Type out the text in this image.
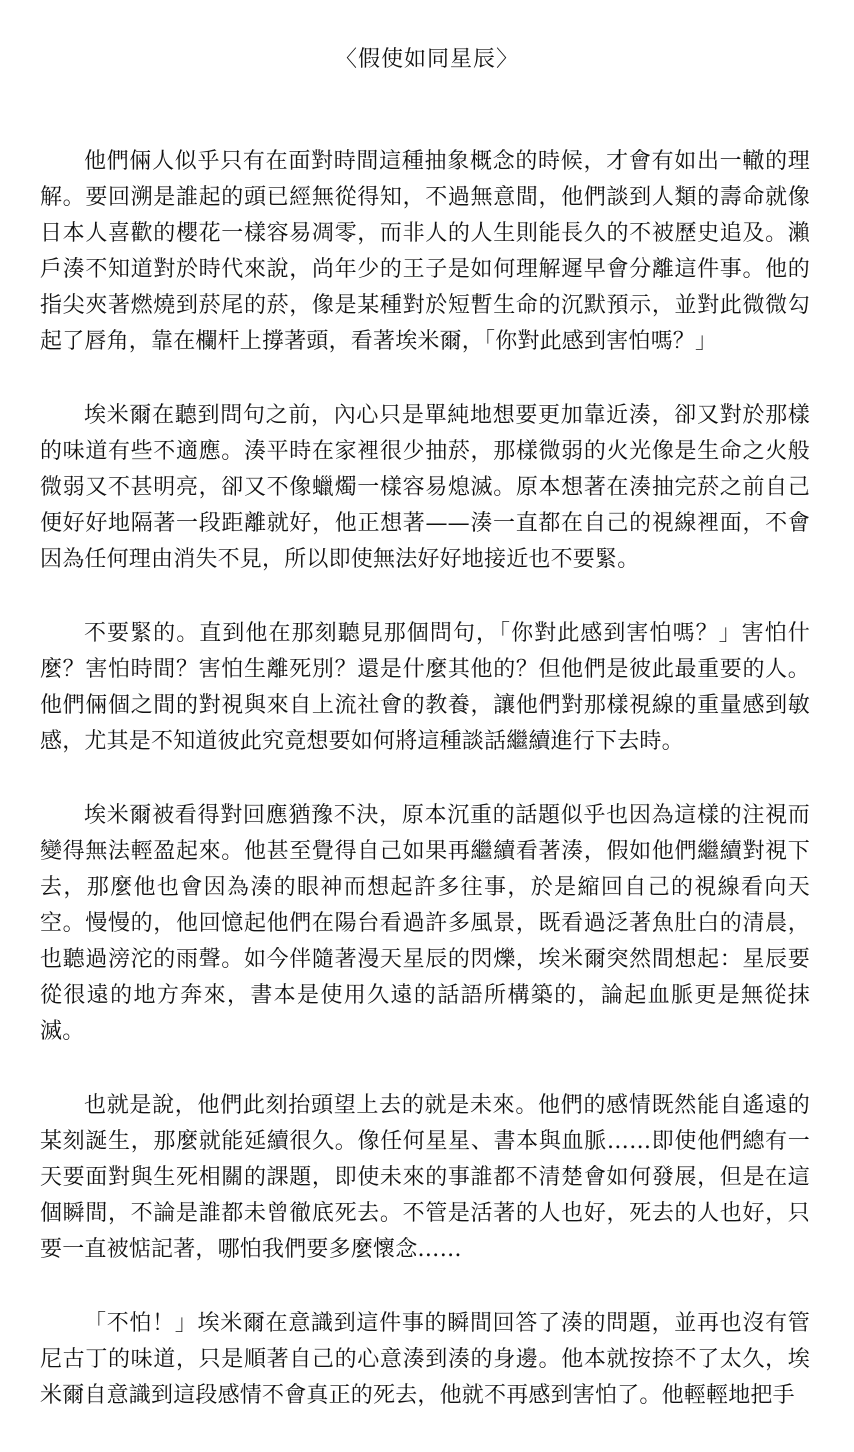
〈假使如同星辰〉

他們倆人似乎只有在面對時間這種抽象概念的時候，才會有如出一轍的理解。要回溯是誰起的頭已經無從得知，不過無意間，他們談到人類的壽命就像日本人喜歡的櫻花一樣容易凋零，而非人的人生則能長久的不被歷史追及。瀨戶湊不知道對於時代來說，尚年少的王子是如何理解遲早會分離這件事。他的指尖夾著燃燒到菸尾的菸，像是某種對於短暫生命的沉默預示，並對此微微勾起了唇角，靠在欄杆上撐著頭，看著埃米爾，「你對此感到害怕嗎？」

埃米爾在聽到問句之前，內心只是單純地想要更加靠近湊，卻又對於那樣的味道有些不適應。湊平時在家裡很少抽菸，那樣微弱的火光像是生命之火般微弱又不甚明亮，卻又不像蠟燭一樣容易熄滅。原本想著在湊抽完菸之前自己便好好地隔著一段距離就好，他正想著——湊一直都在自己的視線裡面，不會因為任何理由消失不見，所以即使無法好好地接近也不要緊。

不要緊的。直到他在那刻聽見那個問句，「你對此感到害怕嗎？」害怕什麼？害怕時間？害怕生離死別？還是什麼其他的？但他們是彼此最重要的人。他們倆個之間的對視與來自上流社會的教養，讓他們對那樣視線的重量感到敏感，尤其是不知道彼此究竟想要如何將這種談話繼續進行下去時。

埃米爾被看得對回應猶豫不決，原本沉重的話題似乎也因為這樣的注視而變得無法輕盈起來。他甚至覺得自己如果再繼續看著湊，假如他們繼續對視下去，那麼他也會因為湊的眼神而想起許多往事，於是縮回自己的視線看向天空。慢慢的，他回憶起他們在陽台看過許多風景，既看過泛著魚肚白的清晨，也聽過滂沱的雨聲。如今伴隨著漫天星辰的閃爍，埃米爾突然間想起：星辰要從很遠的地方奔來，書本是使用久遠的話語所構築的，論起血脈更是無從抹滅。

也就是說，他們此刻抬頭望上去的就是未來。他們的感情既然能自遙遠的某刻誕生，那麼就能延續很久。像任何星星、書本與血脈……即使他們總有一天要面對與生死相關的課題，即使未來的事誰都不清楚會如何發展，但是在這個瞬間，不論是誰都未曾徹底死去。不管是活著的人也好，死去的人也好，只要一直被惦記著，哪怕我們要多麼懷念……

「不怕！」埃米爾在意識到這件事的瞬間回答了湊的問題，並再也沒有管尼古丁的味道，只是順著自己的心意湊到湊的身邊。他本就按捺不了太久，埃米爾自意識到這段感情不會真正的死去，他就不再感到害怕了。他輕輕地把手
